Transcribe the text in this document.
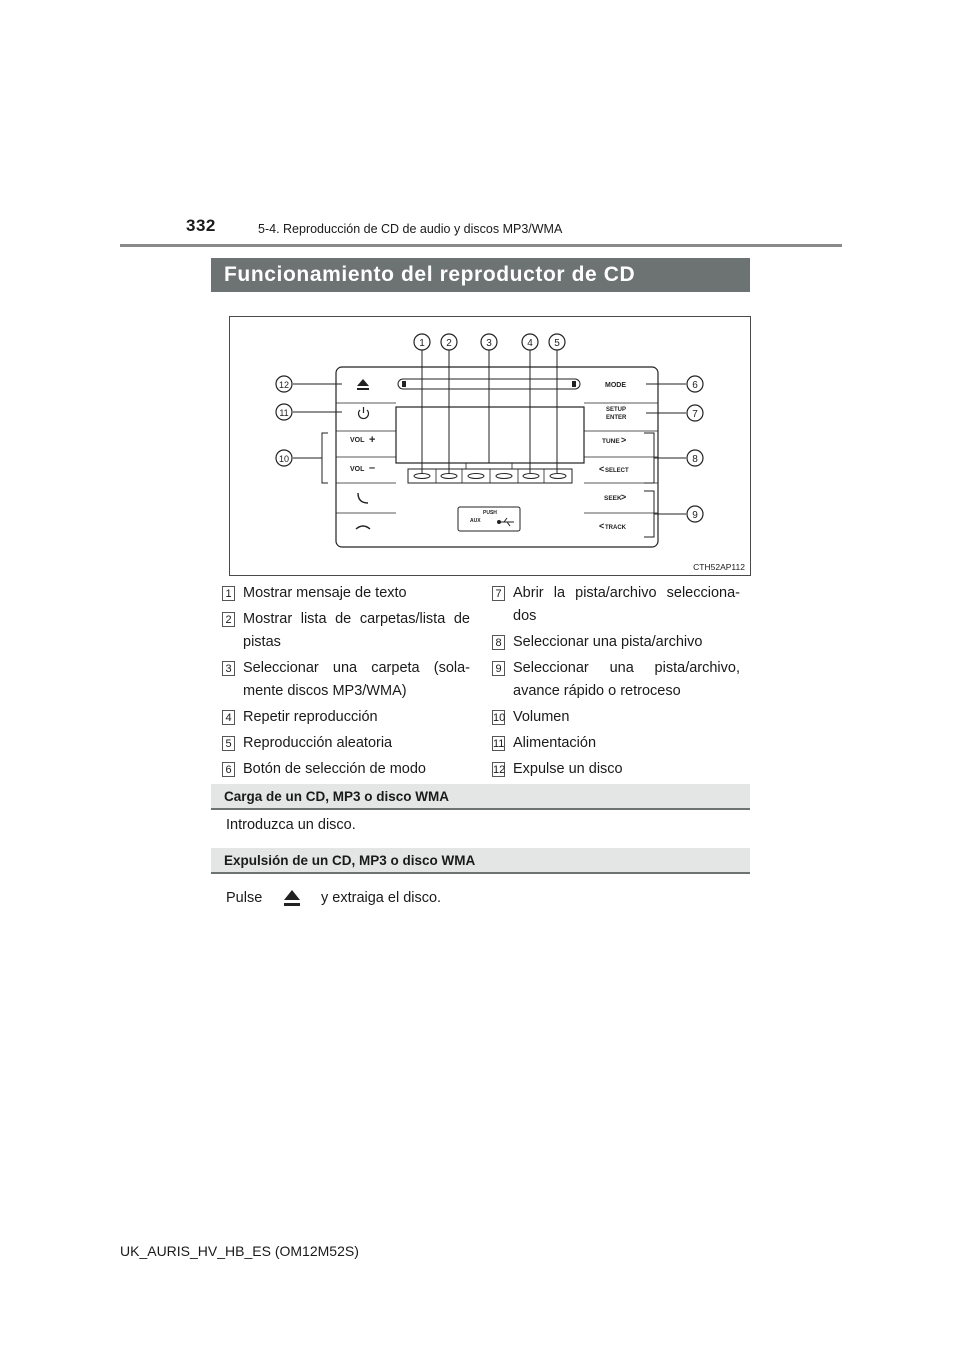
332	5-4. Reproducción de CD de audio y discos MP3/WMA
Funcionamiento del reproductor de CD
VOL +
VOL –
MODE
SETUP
ENTER
TUNE >
< SELECT
SEEK >
< TRACK
PUSH
AUX
1 2	3	4 5
6
7
8
9
10
11
12
CTH52AP112
1 Mostrar mensaje de texto
2 Mostrar lista de carpetas/lista de pistas
3 Seleccionar una carpeta (sola-mente discos MP3/WMA)
4 Repetir reproducción
5 Reproducción aleatoria
6 Botón de selección de modo
7 Abrir la pista/archivo selecciona-dos
8 Seleccionar una pista/archivo
9 Seleccionar una pista/archivo, avance rápido o retroceso
10 Volumen
11 Alimentación
12 Expulse un disco
Carga de un CD, MP3 o disco WMA
Introduzca un disco.
Expulsión de un CD, MP3 o disco WMA
Pulse	y extraiga el disco.
UK_AURIS_HV_HB_ES (OM12M52S)
